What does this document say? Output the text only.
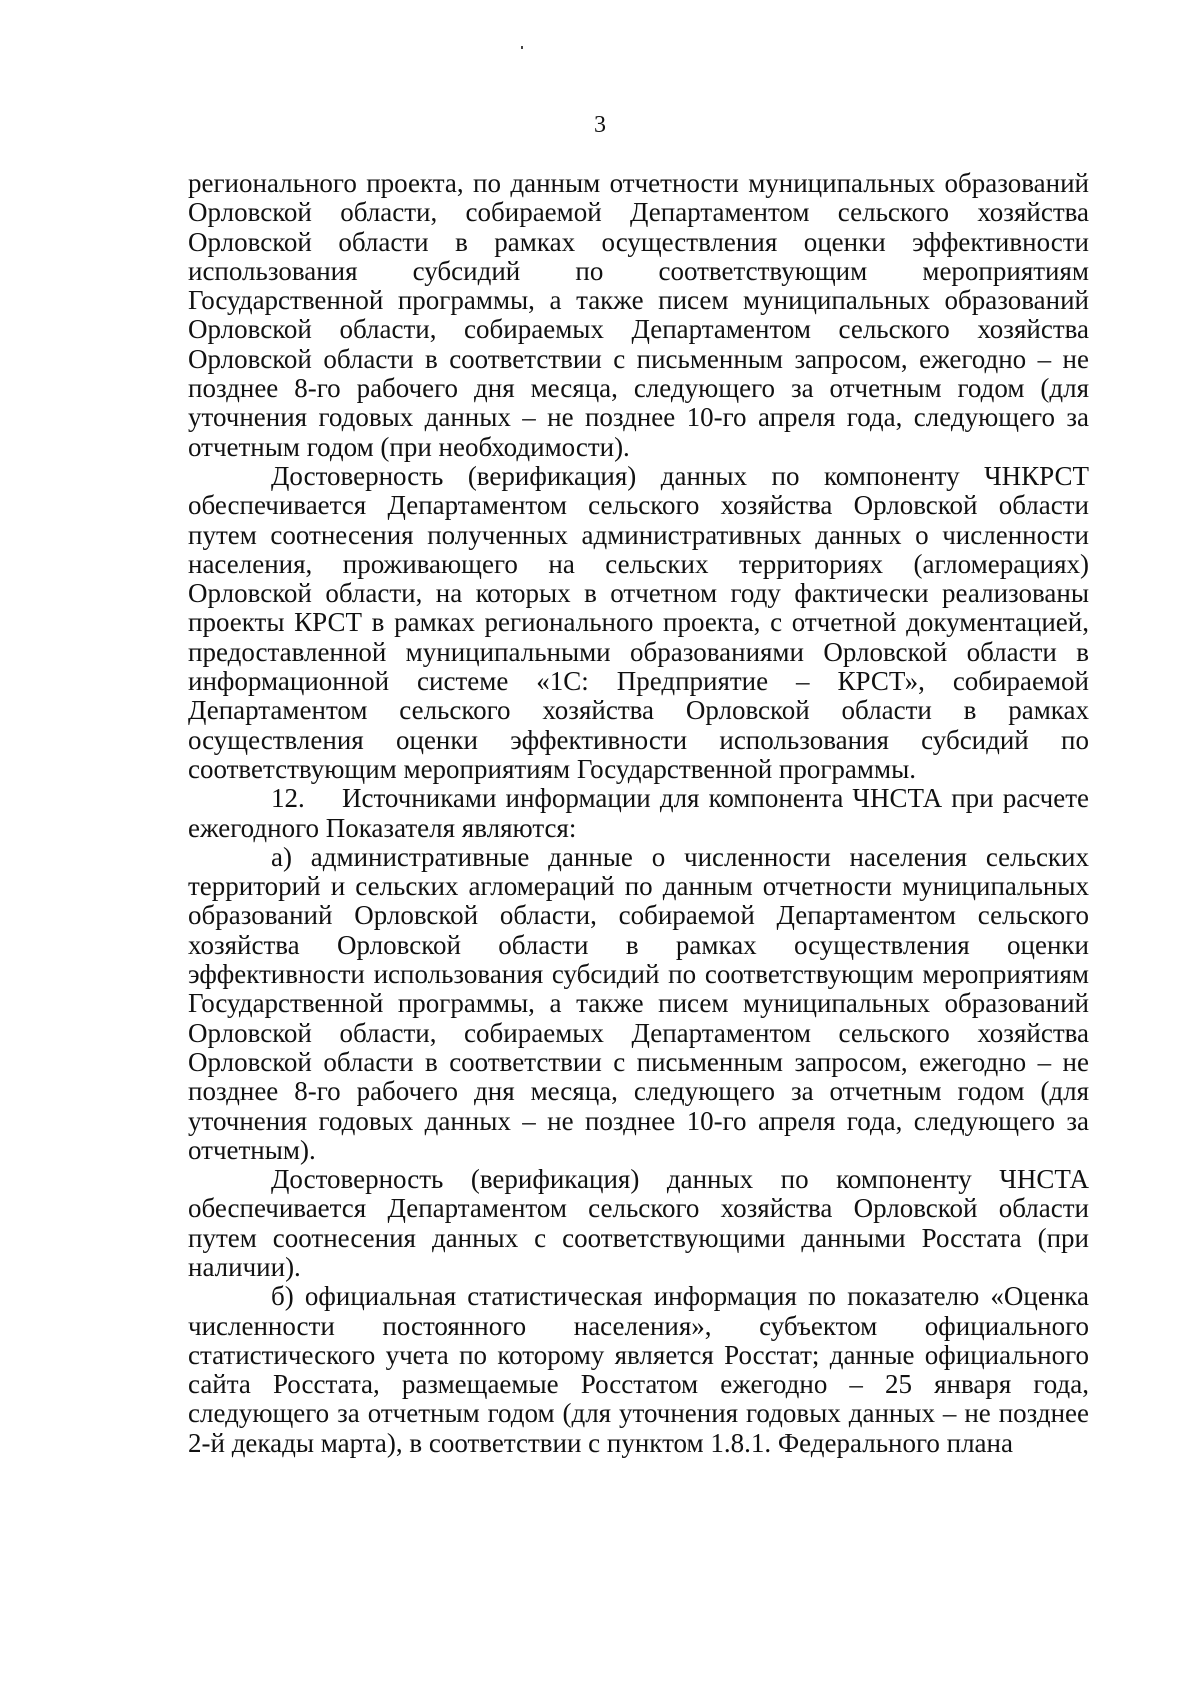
3

регионального проекта, по данным отчетности муниципальных образований Орловской области, собираемой Департаментом сельского хозяйства Орловской области в рамках осуществления оценки эффективности использования субсидий по соответствующим мероприятиям Государственной программы, а также писем муниципальных образований Орловской области, собираемых Департаментом сельского хозяйства Орловской области в соответствии с письменным запросом, ежегодно – не позднее 8-го рабочего дня месяца, следующего за отчетным годом (для уточнения годовых данных – не позднее 10-го апреля года, следующего за отчетным годом (при необходимости).

Достоверность (верификация) данных по компоненту ЧНКРСТ обеспечивается Департаментом сельского хозяйства Орловской области путем соотнесения полученных административных данных о численности населения, проживающего на сельских территориях (агломерациях) Орловской области, на которых в отчетном году фактически реализованы проекты КРСТ в рамках регионального проекта, с отчетной документацией, предоставленной муниципальными образованиями Орловской области в информационной системе «1С: Предприятие – КРСТ», собираемой Департаментом сельского хозяйства Орловской области в рамках осуществления оценки эффективности использования субсидий по соответствующим мероприятиям Государственной программы.

12. Источниками информации для компонента ЧНСТА при расчете ежегодного Показателя являются:

а) административные данные о численности населения сельских территорий и сельских агломераций по данным отчетности муниципальных образований Орловской области, собираемой Департаментом сельского хозяйства Орловской области в рамках осуществления оценки эффективности использования субсидий по соответствующим мероприятиям Государственной программы, а также писем муниципальных образований Орловской области, собираемых Департаментом сельского хозяйства Орловской области в соответствии с письменным запросом, ежегодно – не позднее 8-го рабочего дня месяца, следующего за отчетным годом (для уточнения годовых данных – не позднее 10-го апреля года, следующего за отчетным).

Достоверность (верификация) данных по компоненту ЧНСТА обеспечивается Департаментом сельского хозяйства Орловской области путем соотнесения данных с соответствующими данными Росстата (при наличии).

б) официальная статистическая информация по показателю «Оценка численности постоянного населения», субъектом официального статистического учета по которому является Росстат; данные официального сайта Росстата, размещаемые Росстатом ежегодно – 25 января года, следующего за отчетным годом (для уточнения годовых данных – не позднее 2-й декады марта), в соответствии с пунктом 1.8.1. Федерального плана
